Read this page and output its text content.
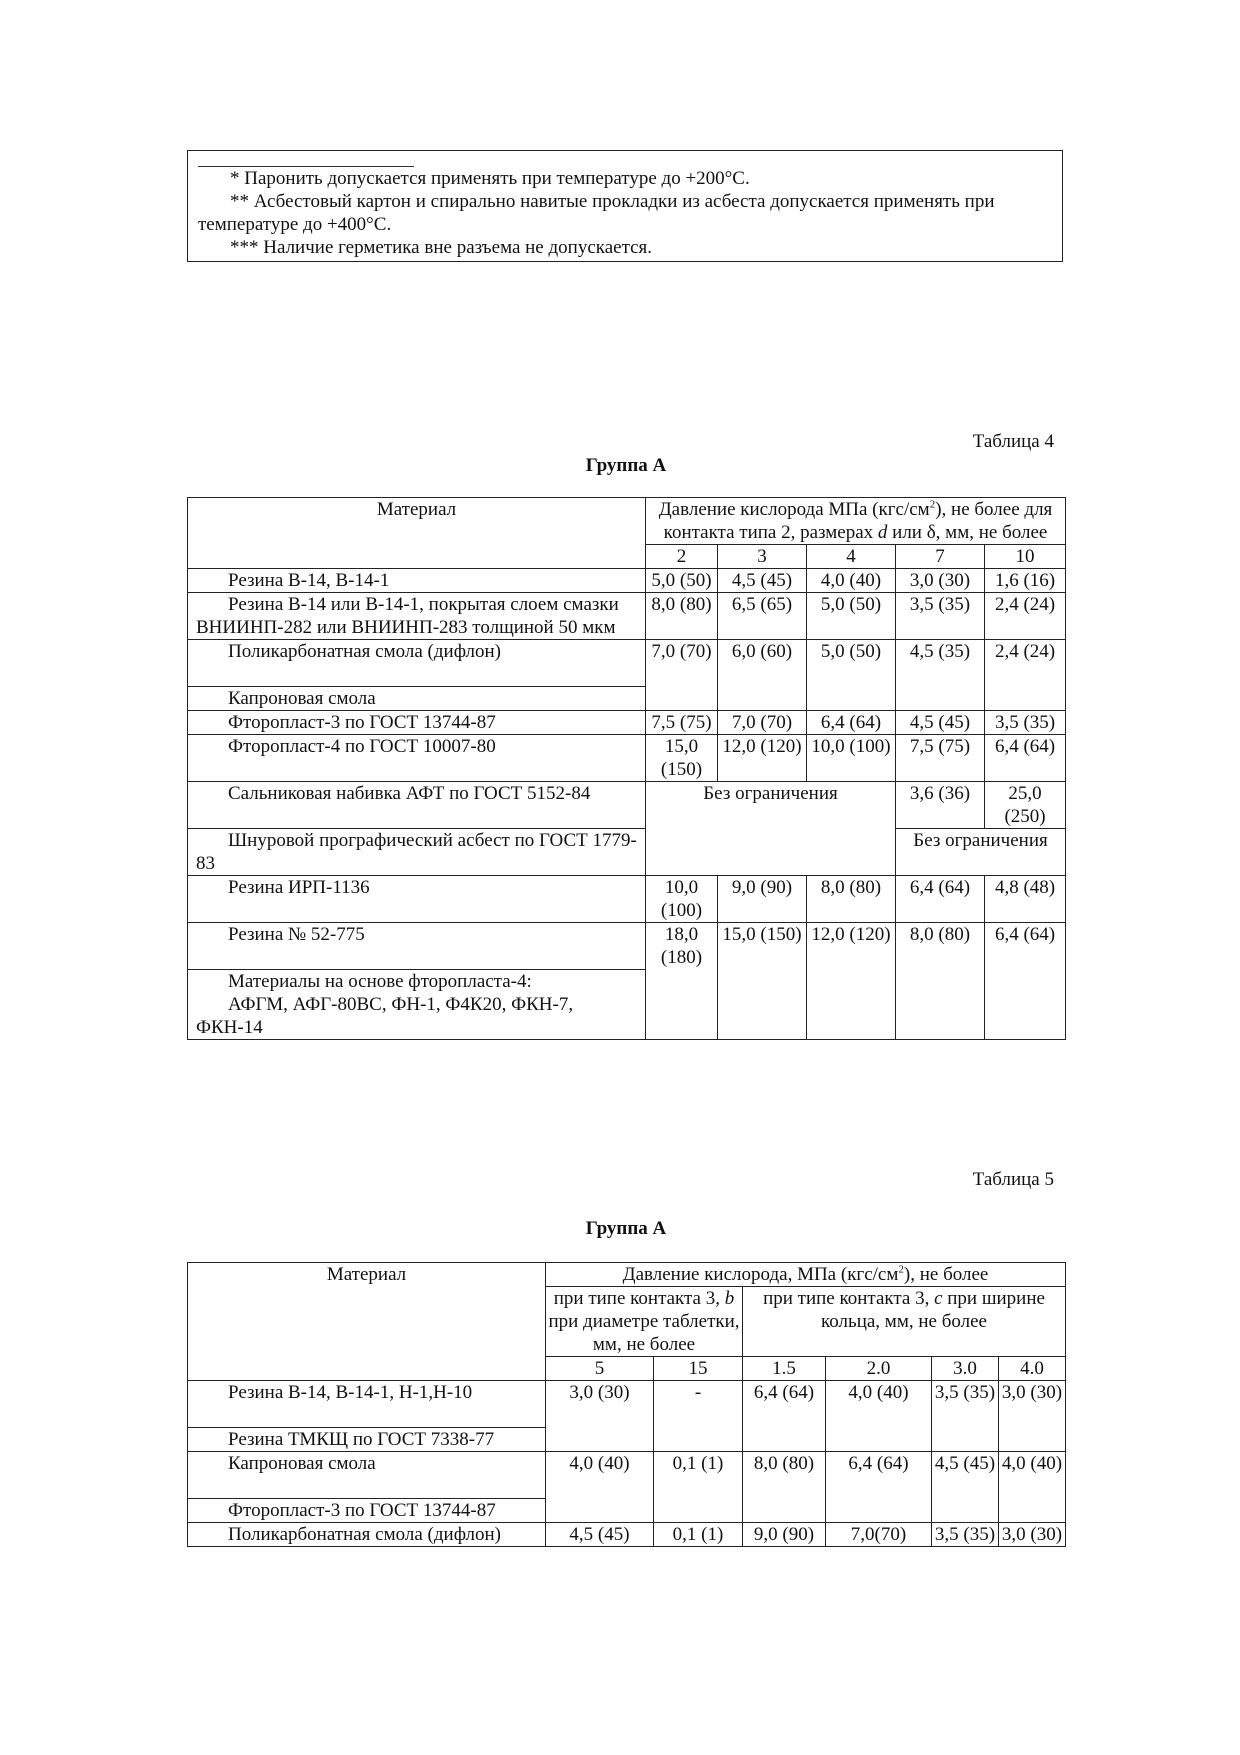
* Паронить допускается применять при температуре до +200°С.

** Асбестовый картон и спирально навитые прокладки из асбеста допускается применять при температуре до +400°С.

*** Наличие герметика вне разъема не допускается.

Таблица 4
Группа А
Материал	Давление кислорода МПа $(кгс/см^2)$, не более для контакта типа 2, размерах d или δ, мм, не более				
	2	3	4	7	10

Резина В-14, В-14-1	5,0 (50)	4,5 (45)	4,0 (40)	3,0 (30)	1,6 (16)

Резина В-14 или В-14-1, покрытая слоем смазки ВНИИНП-282 или ВНИИНП-283 толщиной 50 мкм	8,0 (80)	6,5 (65)	5,0 (50)	3,5 (35)	2,4 (24)

Поликарбонатная смола (дифлон)	7,0 (70)	6,0 (60)	5,0 (50)	4,5 (35)	2,4 (24)

Капроновая смола					

Фторопласт-3 по ГОСТ 13744-87	7,5 (75)	7,0 (70)	6,4 (64)	4,5 (45)	3,5 (35)

Фторопласт-4 по ГОСТ 10007-80	15,0 (150)	12,0 (120)	10,0 (100)	7,5 (75)	6,4 (64)

Сальниковая набивка АФТ по ГОСТ 5152-84	Без ограничения			3,6 (36)	25,0 (250)

Шнуровой прографический асбест по ГОСТ 1779-83				Без ограничения	

Резина ИРП-1136	10,0 (100)	9,0 (90)	8,0 (80)	6,4 (64)	4,8 (48)

Резина № 52-775	18,0 (180)	15,0 (150)	12,0 (120)	8,0 (80)	6,4 (64)

Материалы на основе фторопласта-4:
АФГМ, АФГ-80ВС, ФН-1, Ф4К20, ФКН-7, ФКН-14					
Таблица 5
Группа А
Материал	Давление кислорода, МПа $(кгс/см^2)$, не более					
	при типе контакта 3, b при диаметре таблетки, мм, не более		при типе контакта 3, с при ширине кольца, мм, не более			
	5	15	1.5	2.0	3.0	4.0

Резина В-14, В-14-1, Н-1,Н-10	3,0 (30)	-	6,4 (64)	4,0 (40)	3,5 (35)	3,0 (30)

Резина ТМКЩ по ГОСТ 7338-77						

Капроновая смола	4,0 (40)	0,1 (1)	8,0 (80)	6,4 (64)	4,5 (45)	4,0 (40)

Фторопласт-3 по ГОСТ 13744-87						

Поликарбонатная смола (дифлон)	4,5 (45)	0,1 (1)	9,0 (90)	7,0(70)	3,5 (35)	3,0 (30)
